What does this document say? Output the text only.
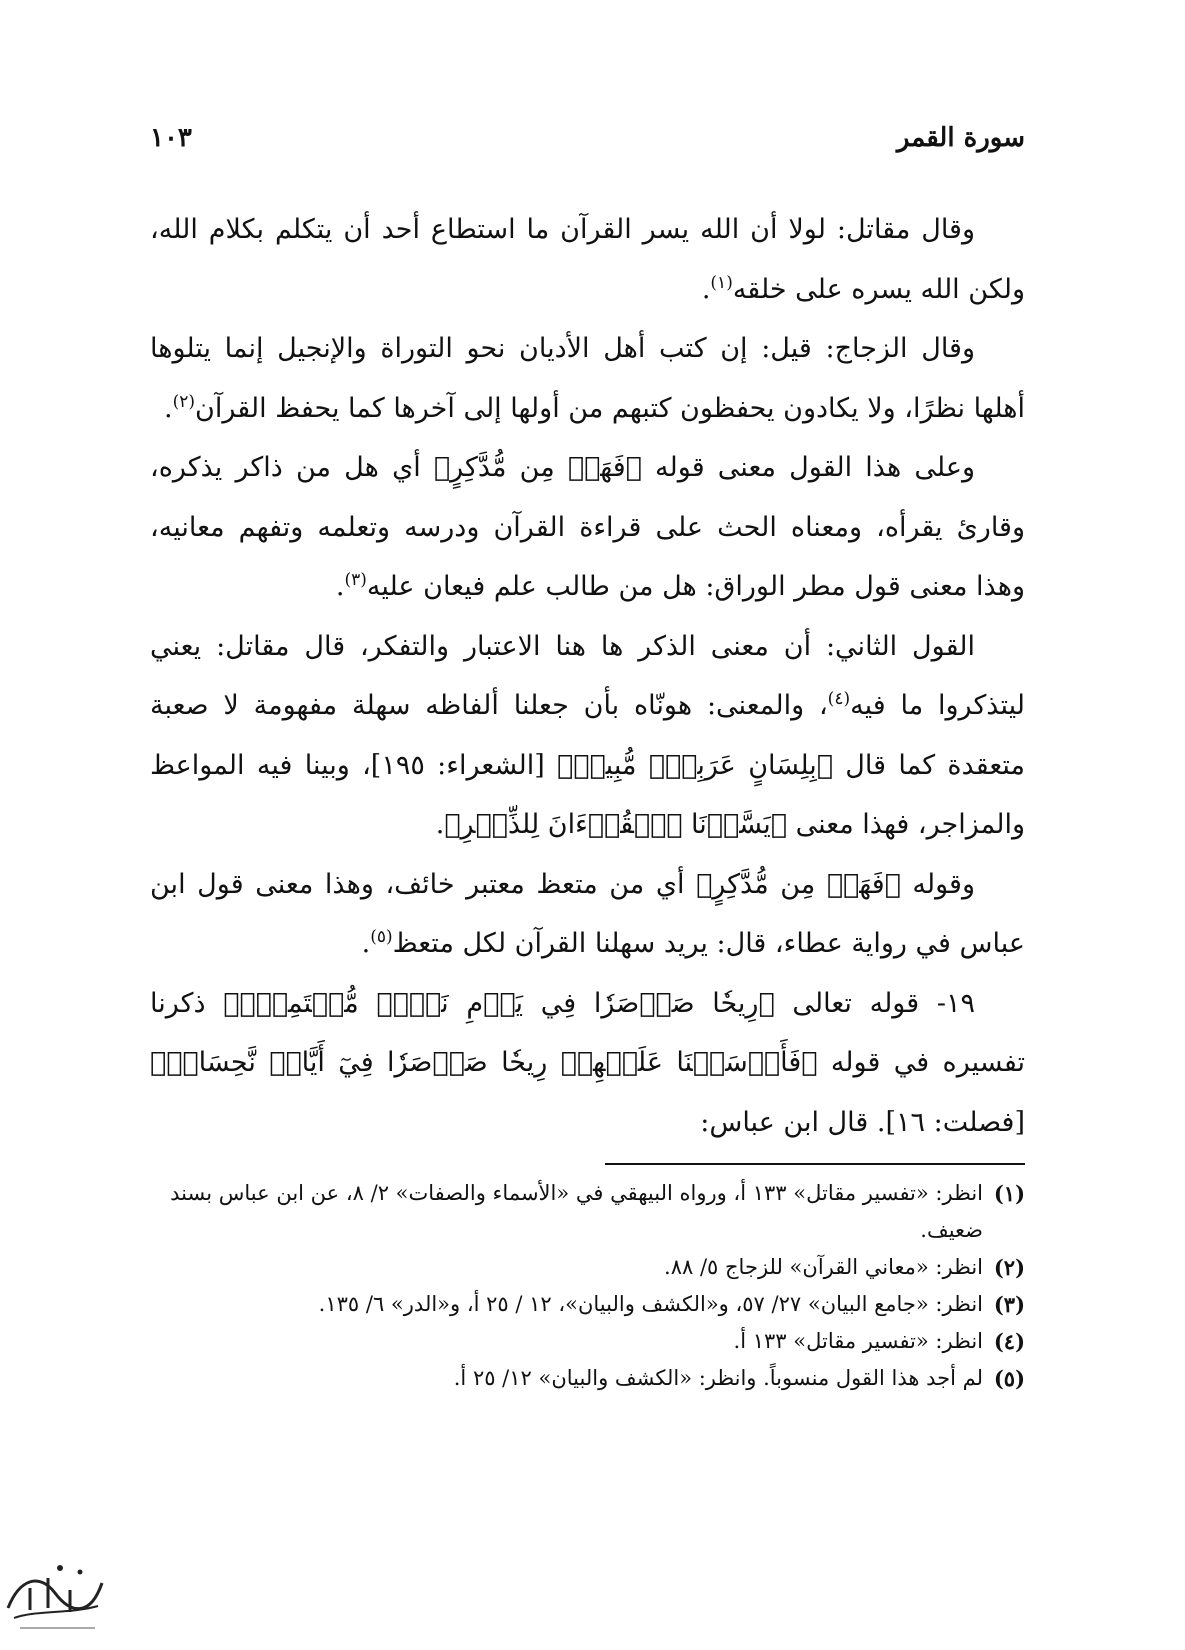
سورة القمر
١٠٣

وقال مقاتل: لولا أن الله يسر القرآن ما استطاع أحد أن يتكلم بكلام الله، ولكن الله يسره على خلقه$^{(١)}$.

وقال الزجاج: قيل: إن كتب أهل الأديان نحو التوراة والإنجيل إنما يتلوها أهلها نظرًا، ولا يكادون يحفظون كتبهم من أولها إلى آخرها كما يحفظ القرآن$^{(٢)}$.

وعلى هذا القول معنى قوله ﴿فَهَلۡ مِن مُّدَّكِرٍ﴾ أي هل من ذاكر يذكره، وقارئ يقرأه، ومعناه الحث على قراءة القرآن ودرسه وتعلمه وتفهم معانيه، وهذا معنى قول مطر الوراق: هل من طالب علم فيعان عليه$^{(٣)}$.

القول الثاني: أن معنى الذكر ها هنا الاعتبار والتفكر، قال مقاتل: يعني ليتذكروا ما فيه$^{(٤)}$، والمعنى: هونّاه بأن جعلنا ألفاظه سهلة مفهومة لا صعبة متعقدة كما قال ﴿بِلِسَانٍ عَرَبِيّٖ مُّبِينٖ﴾ [الشعراء: ١٩٥]، وبينا فيه المواعظ والمزاجر، فهذا معنى ﴿يَسَّرۡنَا ٱلۡقُرۡءَانَ لِلذِّكۡرِ﴾.

وقوله ﴿فَهَلۡ مِن مُّدَّكِرٍ﴾ أي من متعظ معتبر خائف، وهذا معنى قول ابن عباس في رواية عطاء، قال: يريد سهلنا القرآن لكل متعظ$^{(٥)}$.

١٩- قوله تعالى ﴿رِيحٗا صَرۡصَرٗا فِي يَوۡمِ نَحۡسٖ مُّسۡتَمِرّٖ﴾ ذكرنا تفسيره في قوله ﴿فَأَرۡسَلۡنَا عَلَيۡهِمۡ رِيحٗا صَرۡصَرٗا فِيٓ أَيَّامٖ نَّحِسَاتٖ﴾ [فصلت: ١٦]. قال ابن عباس:

(١)
انظر: «تفسير مقاتل» ١٣٣ أ، ورواه البيهقي في «الأسماء والصفات» ٢/ ٨، عن ابن عباس بسند ضعيف.
(٢)
انظر: «معاني القرآن» للزجاج ٥/ ٨٨.
(٣)
انظر: «جامع البيان» ٢٧/ ٥٧، و«الكشف والبيان»، ١٢ / ٢٥ أ، و«الدر» ٦/ ١٣٥.
(٤)
انظر: «تفسير مقاتل» ١٣٣ أ.
(٥)
لم أجد هذا القول منسوباً. وانظر: «الكشف والبيان» ١٢/ ٢٥ أ.
